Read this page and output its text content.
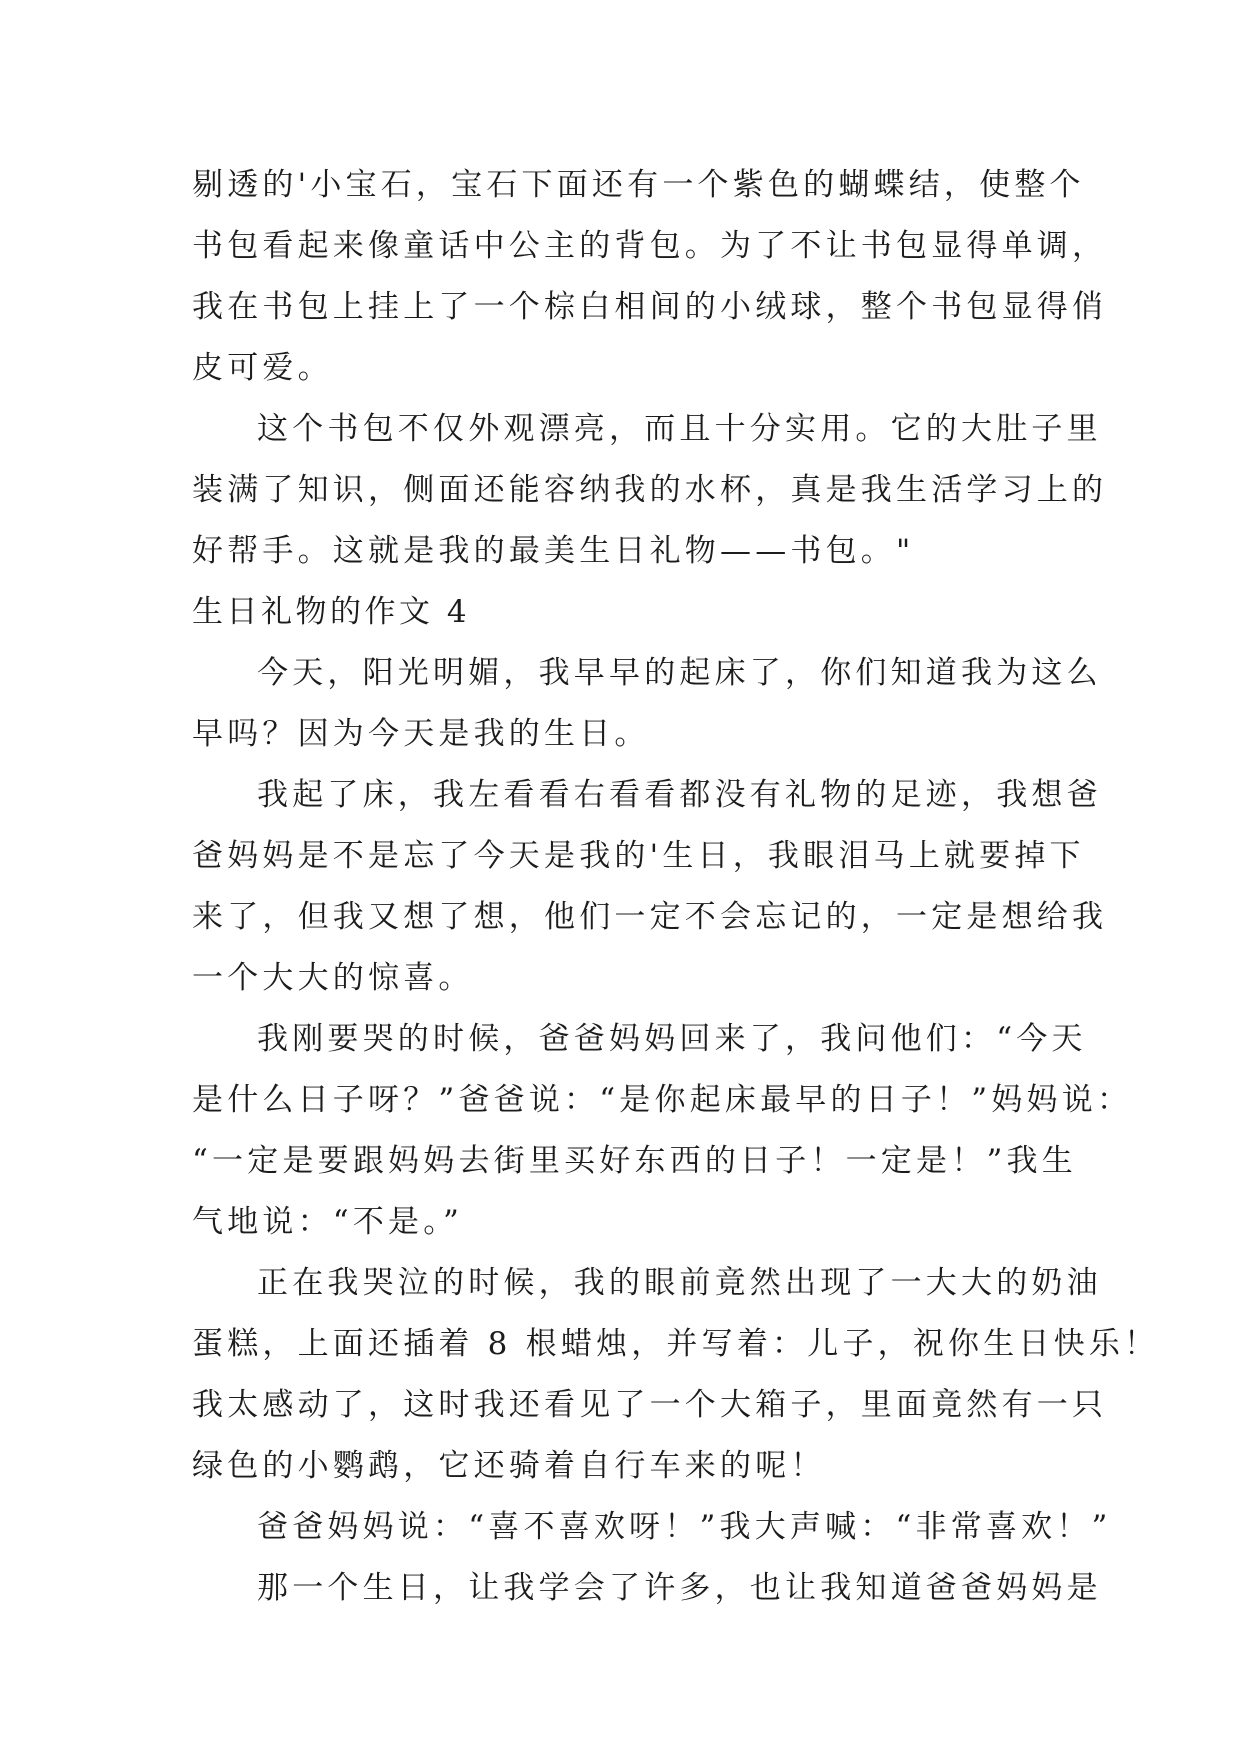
剔透的'小宝石，宝石下面还有一个紫色的蝴蝶结，使整个
书包看起来像童话中公主的背包。为了不让书包显得单调，
我在书包上挂上了一个棕白相间的小绒球，整个书包显得俏
皮可爱。
这个书包不仅外观漂亮，而且十分实用。它的大肚子里
装满了知识，侧面还能容纳我的水杯，真是我生活学习上的
好帮手。这就是我的最美生日礼物——书包。"
生日礼物的作文 4
今天，阳光明媚，我早早的起床了，你们知道我为这么
早吗？因为今天是我的生日。
我起了床，我左看看右看看都没有礼物的足迹，我想爸
爸妈妈是不是忘了今天是我的'生日，我眼泪马上就要掉下
来了，但我又想了想，他们一定不会忘记的，一定是想给我
一个大大的惊喜。
我刚要哭的时候，爸爸妈妈回来了，我问他们：“今天
是什么日子呀？”爸爸说：“是你起床最早的日子！”妈妈说：
“一定是要跟妈妈去街里买好东西的日子！一定是！”我生
气地说：“不是。”
正在我哭泣的时候，我的眼前竟然出现了一大大的奶油
蛋糕，上面还插着 8 根蜡烛，并写着：儿子，祝你生日快乐！
我太感动了，这时我还看见了一个大箱子，里面竟然有一只
绿色的小鹦鹉，它还骑着自行车来的呢！
爸爸妈妈说：“喜不喜欢呀！”我大声喊：“非常喜欢！”
那一个生日，让我学会了许多，也让我知道爸爸妈妈是
